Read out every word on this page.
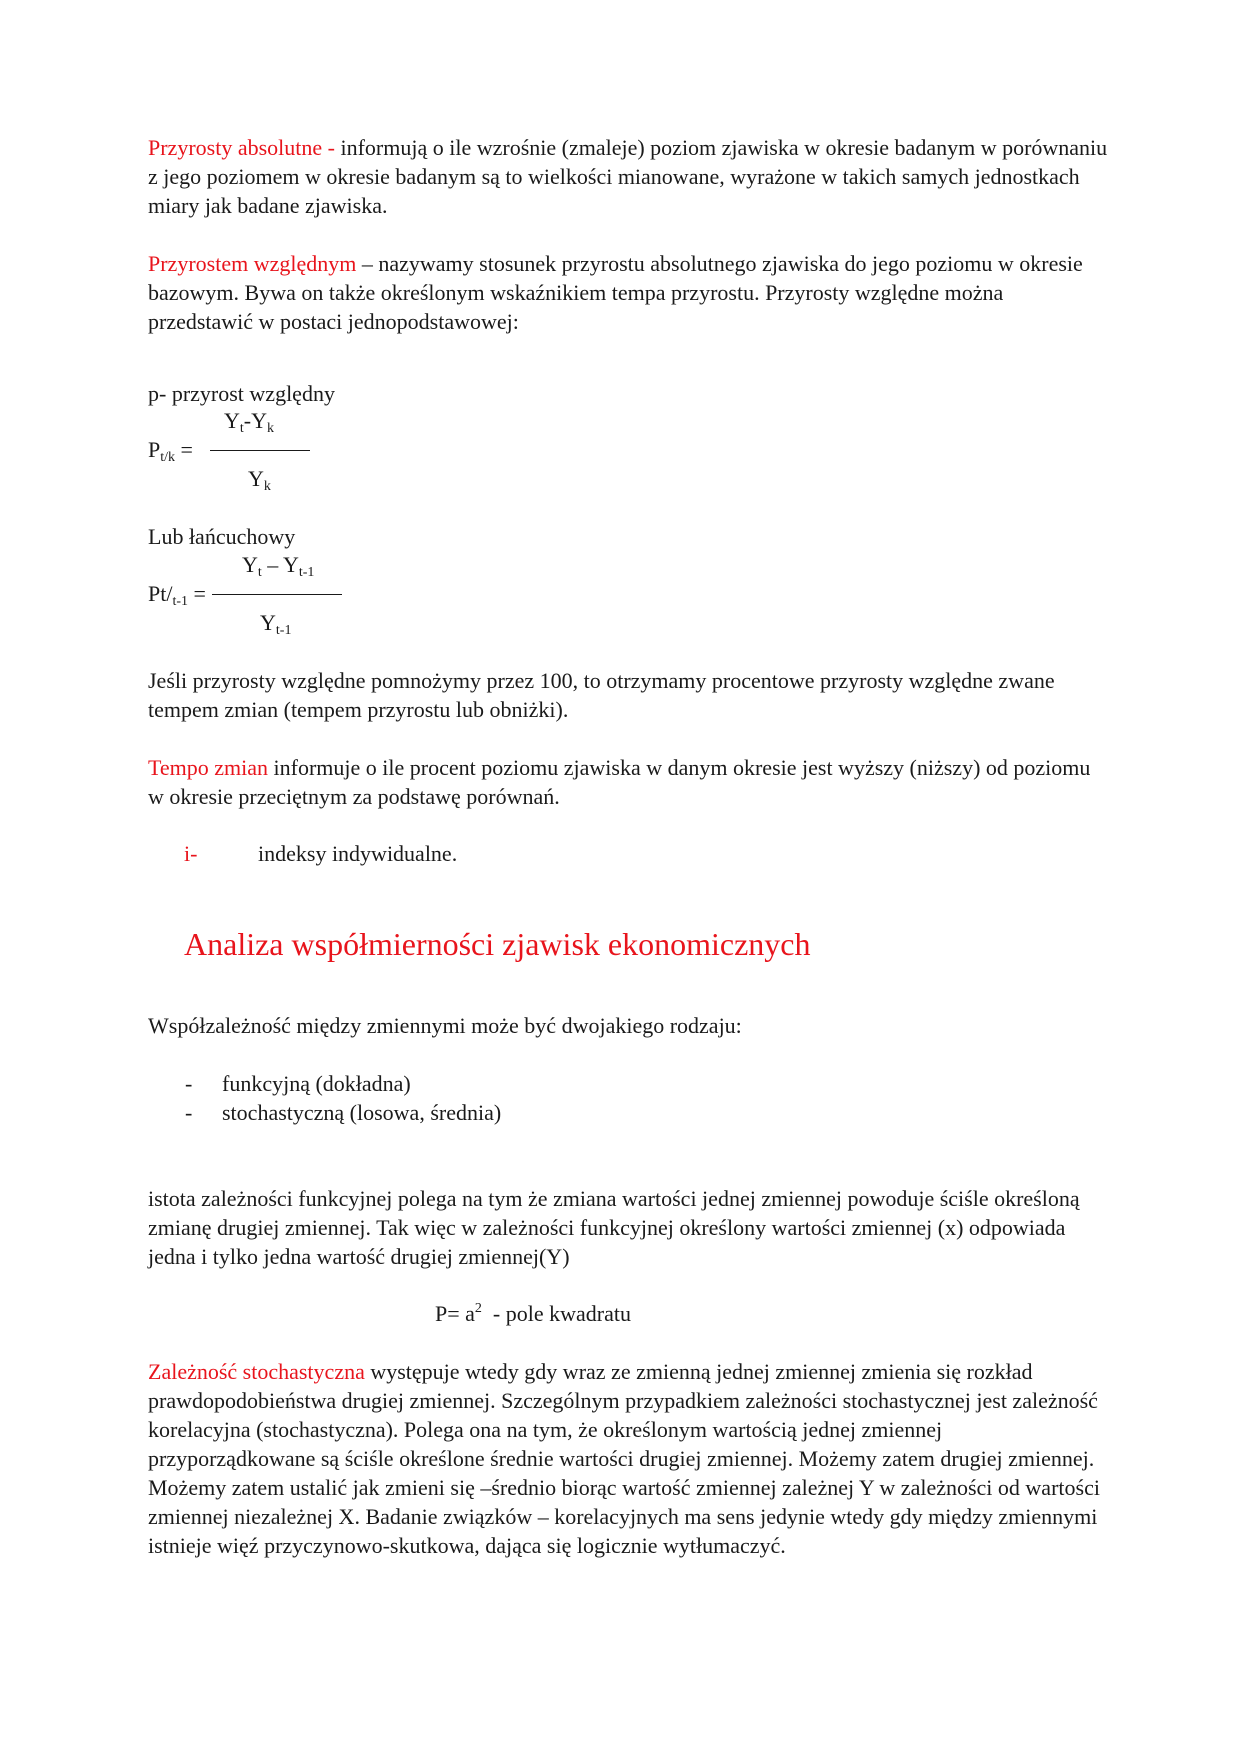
Przyrosty absolutne - informują o ile wzrośnie (zmaleje) poziom zjawiska w okresie badanym w porównaniu z jego poziomem w okresie badanym są to wielkości mianowane, wyrażone w takich samych jednostkach miary jak badane zjawiska.

Przyrostem względnym – nazywamy stosunek przyrostu absolutnego zjawiska do jego poziomu w okresie bazowym. Bywa on także określonym wskaźnikiem tempa przyrostu. Przyrosty względne można przedstawić w postaci jednopodstawowej:

p- przyrost względny
$Y_t-Y_k$
$P_{t/k}$ =
$Y_k$
Lub łańcuchowy
$Y_t - Y_{t-1}$
$Pt/_{t-1}$ =
$Y_{t-1}$

Jeśli przyrosty względne pomnożymy przez 100, to otrzymamy procentowe przyrosty względne zwane tempem zmian (tempem przyrostu lub obniżki).

Tempo zmian informuje o ile procent poziomu zjawiska w danym okresie jest wyższy (niższy) od poziomu w okresie przeciętnym za podstawę porównań.

i-	indeksy indywidualne.
Analiza współmierności zjawisk ekonomicznych

Współzależność między zmiennymi może być dwojakiego rodzaju:

- funkcyjną (dokładna)
- stochastyczną (losowa, średnia)

istota zależności funkcyjnej polega na tym że zmiana wartości jednej zmiennej powoduje ściśle określoną zmianę drugiej zmiennej. Tak więc w zależności funkcyjnej określony wartości zmiennej (x) odpowiada jedna i tylko jedna wartość drugiej zmiennej(Y)

$P= a^2$  - pole kwadratu

Zależność stochastyczna występuje wtedy gdy wraz ze zmienną jednej zmiennej zmienia się rozkład prawdopodobieństwa drugiej zmiennej. Szczególnym przypadkiem zależności stochastycznej jest zależność korelacyjna (stochastyczna). Polega ona na tym, że określonym wartością jednej zmiennej przyporządkowane są ściśle określone średnie wartości drugiej zmiennej. Możemy zatem drugiej zmiennej. Możemy zatem ustalić jak zmieni się –średnio biorąc wartość zmiennej zależnej Y w zależności od wartości zmiennej niezależnej X. Badanie związków – korelacyjnych ma sens jedynie wtedy gdy między zmiennymi istnieje więź przyczynowo-skutkowa, dająca się logicznie wytłumaczyć.
